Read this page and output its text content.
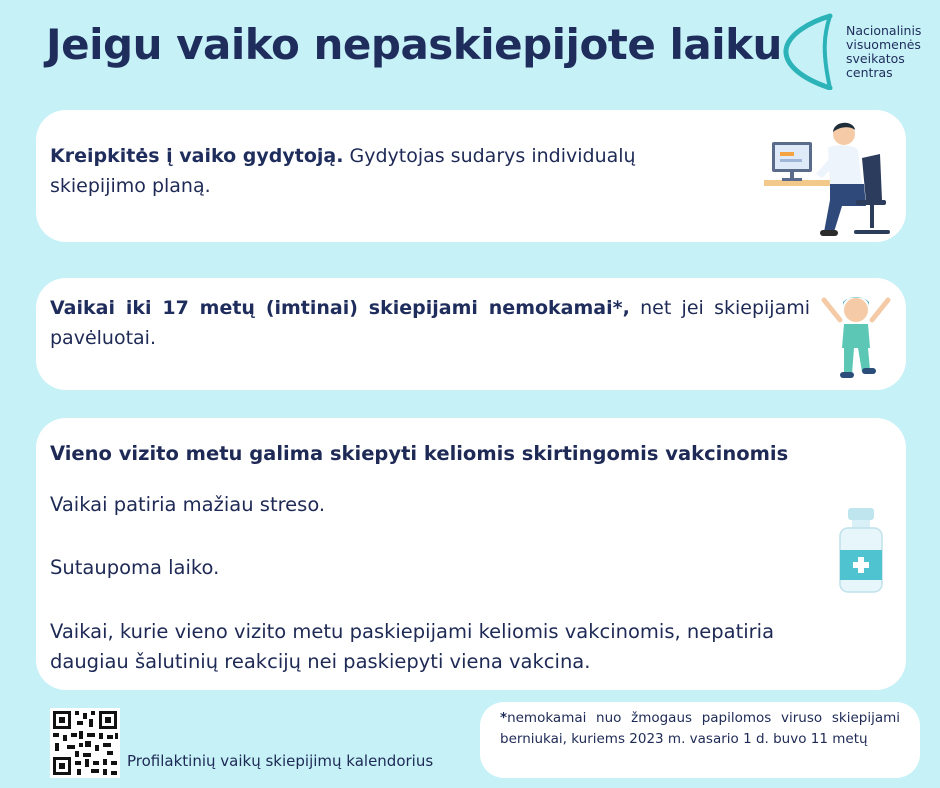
Jeigu vaiko nepaskiepijote laiku	Nacionalinis
visuomenės
sveikatos
centras

Kreipkitės į vaiko gydytoją. Gydytojas sudarys individualų skiepijimo planą.

Vaikai iki 17 metų (imtinai) skiepijami nemokamai*, net jei skiepijami pavėluotai.

Vieno vizito metu galima skiepyti keliomis skirtingomis vakcinomis

Vaikai patiria mažiau streso.

Sutaupoma laiko.

Vaikai, kurie vieno vizito metu paskiepijami keliomis vakcinomis, nepatiria daugiau šalutinių reakcijų nei paskiepyti viena vakcina.

Profilaktinių vaikų skiepijimų kalendorius

*nemokamai nuo žmogaus papilomos viruso skiepijami berniukai, kuriems 2023 m. vasario 1 d. buvo 11 metų
